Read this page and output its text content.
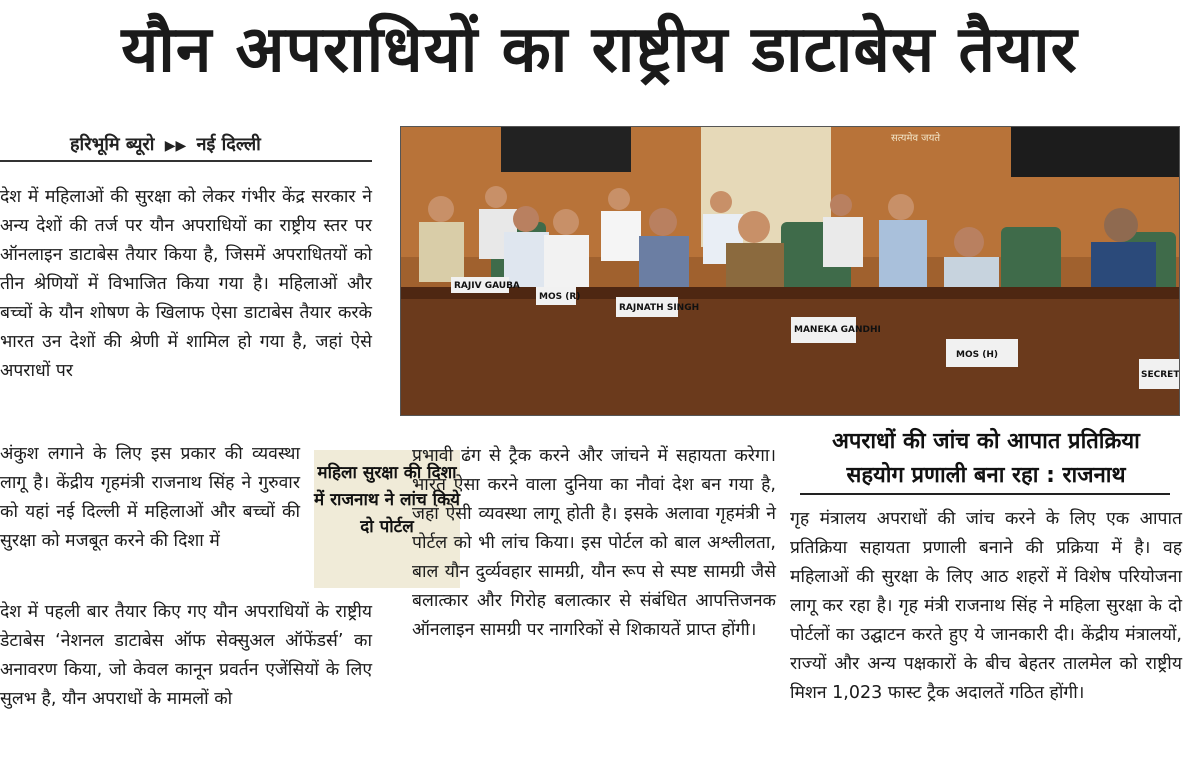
यौन अपराधियों का राष्ट्रीय डाटाबेस तैयार
हरिभूमि ब्यूरो ▶▶ नई दिल्ली

देश में महिलाओं की सुरक्षा को लेकर गंभीर केंद्र सरकार ने अन्य देशों की तर्ज पर यौन अपराधियों का राष्ट्रीय स्तर पर ऑनलाइन डाटाबेस तैयार किया है, जिसमें अपराधितयों को तीन श्रेणियों में विभाजित किया गया है। महिलाओं और बच्चों के यौन शोषण के खिलाफ ऐसा डाटाबेस तैयार करके भारत उन देशों की श्रेणी में शामिल हो गया है, जहां ऐसे अपराधों पर

अंकुश लगाने के लिए इस प्रकार की व्यवस्था लागू है। केंद्रीय गृहमंत्री राजनाथ सिंह ने गुरुवार को यहां नई दिल्ली में महिलाओं और बच्चों की सुरक्षा को मजबूत करने की दिशा में

देश में पहली बार तैयार किए गए यौन अपराधियों के राष्ट्रीय डेटाबेस ‘नेशनल डाटाबेस ऑफ सेक्सुअल ऑफेंडर्स’ का अनावरण किया, जो केवल कानून प्रवर्तन एजेंसियों के लिए सुलभ है, यौन अपराधों के मामलों को

महिला सुरक्षा की दिशा में राजनाथ ने लांच किये दो पोर्टल

प्रभावी ढंग से ट्रैक करने और जांचने में सहायता करेगा। भारत ऐसा करने वाला दुनिया का नौवां देश बन गया है, जहां ऐसी व्यवस्था लागू होती है। इसके अलावा गृहमंत्री ने पोर्टल को भी लांच किया। इस पोर्टल को बाल अश्लीलता, बाल यौन दुर्व्यवहार सामग्री, यौन रूप से स्पष्ट सामग्री जैसे बलात्कार और गिरोह बलात्कार से संबंधित आपत्तिजनक ऑनलाइन सामग्री पर नागरिकों से शिकायतें प्राप्त होंगी।

सत्यमेव जयते
RAJIV GAUBA
MOS (R)
RAJNATH SINGH
MANEKA GANDHI
MOS (H)
SECRET
अपराधों की जांच को आपात प्रतिक्रिया
सहयोग प्रणाली बना रहा : राजनाथ

गृह मंत्रालय अपराधों की जांच करने के लिए एक आपात प्रतिक्रिया सहायता प्रणाली बनाने की प्रक्रिया में है। वह महिलाओं की सुरक्षा के लिए आठ शहरों में विशेष परियोजना लागू कर रहा है। गृह मंत्री राजनाथ सिंह ने महिला सुरक्षा के दो पोर्टलों का उद्घाटन करते हुए ये जानकारी दी। केंद्रीय मंत्रालयों, राज्यों और अन्य पक्षकारों के बीच बेहतर तालमेल को राष्ट्रीय मिशन 1,023 फास्ट ट्रैक अदालतें गठित होंगी।
